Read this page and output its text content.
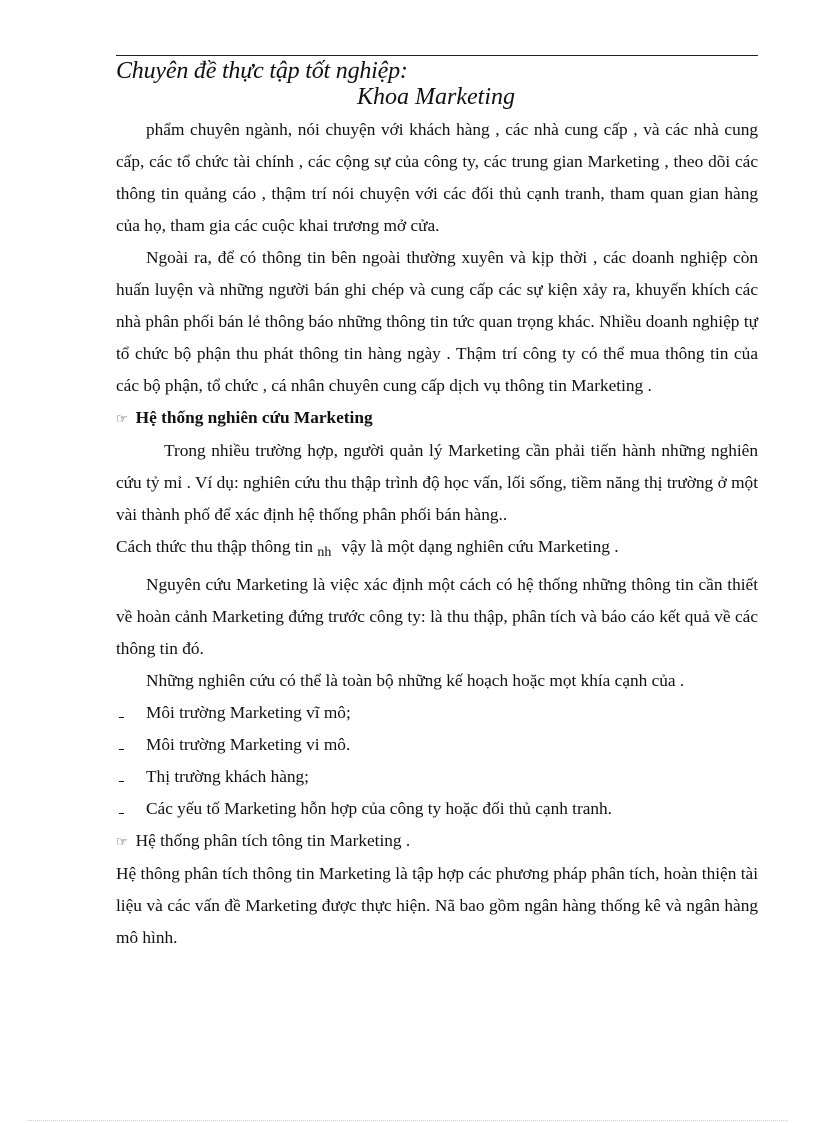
Chuyên đề thực tập tốt nghiệp:
Khoa Marketing

phẩm chuyên ngành, nói chuyện với khách hàng , các nhà cung cấp , và các nhà cung cấp, các tổ chức tài chính , các cộng sự của công ty, các trung gian Marketing , theo dõi các thông tin quảng cáo , thậm trí nói chuyện với các đối thủ cạnh tranh, tham quan gian hàng của họ, tham gia các cuộc khai trương mở cửa.

Ngoài ra, để có thông tin bên ngoài thường xuyên và kịp thời , các doanh nghiệp còn huấn luyện và những người bán ghi chép và cung cấp các sự kiện xảy ra, khuyến khích các nhà phân phối bán lẻ thông báo những thông tin tức quan trọng khác. Nhiều doanh nghiệp tự tổ chức bộ phận thu phát thông tin hàng ngày . Thậm trí công ty có thể mua thông tin của các bộ phận, tổ chức , cá nhân chuyên cung cấp dịch vụ thông tin Marketing .

☞ Hệ thống nghiên cứu Marketing

Trong nhiều trường hợp, người quản lý Marketing cần phải tiến hành những nghiên cứu tỷ mỉ . Ví dụ: nghiên cứu thu thập trình độ học vấn, lối sống, tiềm năng thị trường ở một vài thành phố để xác định hệ thống phân phối bán hàng..

Cách thức thu thập thông tin $_{nh}$ vậy là một dạng nghiên cứu Marketing .

Nguyên cứu Marketing là việc xác định một cách có hệ thống những thông tin cần thiết về hoàn cảnh Marketing đứng trước công ty: là thu thập, phân tích và báo cáo kết quả về các thông tin đó.

Những nghiên cứu có thể là toàn bộ những kế hoạch hoặc mọt khía cạnh của .

Môi trường Marketing vĩ mô;
Môi trường Marketing vi mô.
Thị trường khách hàng;
Các yếu tố Marketing hỗn hợp của công ty hoặc đối thủ cạnh tranh.

☞ Hệ thống phân tích tông tin Marketing .

Hệ thông phân tích thông tin Marketing là tập hợp các phương pháp phân tích, hoàn thiện tài liệu và các vấn đề Marketing được thực hiện. Nã bao gồm ngân hàng thống kê và ngân hàng mô hình.
